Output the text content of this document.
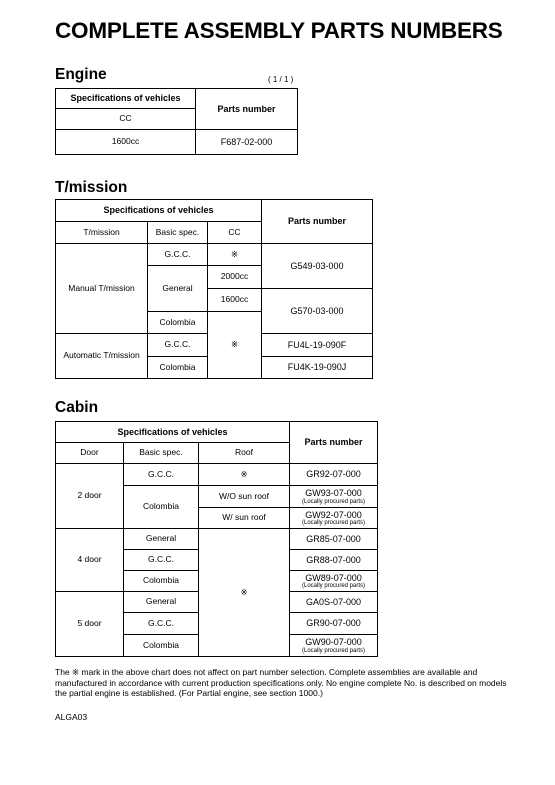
COMPLETE ASSEMBLY PARTS NUMBERS
Engine	( 1 / 1 )
Specifications of vehicles	Parts number
CC	
1600cc	F687-02-000
T/mission
Specifications of vehicles			Parts number
T/mission	Basic spec.	CC	
Manual T/mission	G.C.C.	※	G549-03-000
	General	2000cc	
		1600cc	G570-03-000
	Colombia	※	
Automatic T/mission	G.C.C.		FU4L-19-090F
	Colombia		FU4K-19-090J
Cabin
Specifications of vehicles			Parts number
Door	Basic spec.	Roof	
2 door	G.C.C.	※	GR92-07-000
	Colombia	W/O sun roof	GW93-07-000
(Locally procured parts)

		W/ sun roof	GW92-07-000
(Locally procured parts)

4 door	General	※	GR85-07-000
	G.C.C.		GR88-07-000
	Colombia		GW89-07-000
(Locally procured parts)

5 door	General		GA0S-07-000
	G.C.C.		GR90-07-000
	Colombia		GW90-07-000
(Locally procured parts)
The ※ mark in the above chart does not affect on part number selection. Complete assemblies are available and manufactured in accordance with current production specifications only. No engine complete No. is described on models the partial engine is established. (For Partial engine, see section 1000.)
ALGA03
